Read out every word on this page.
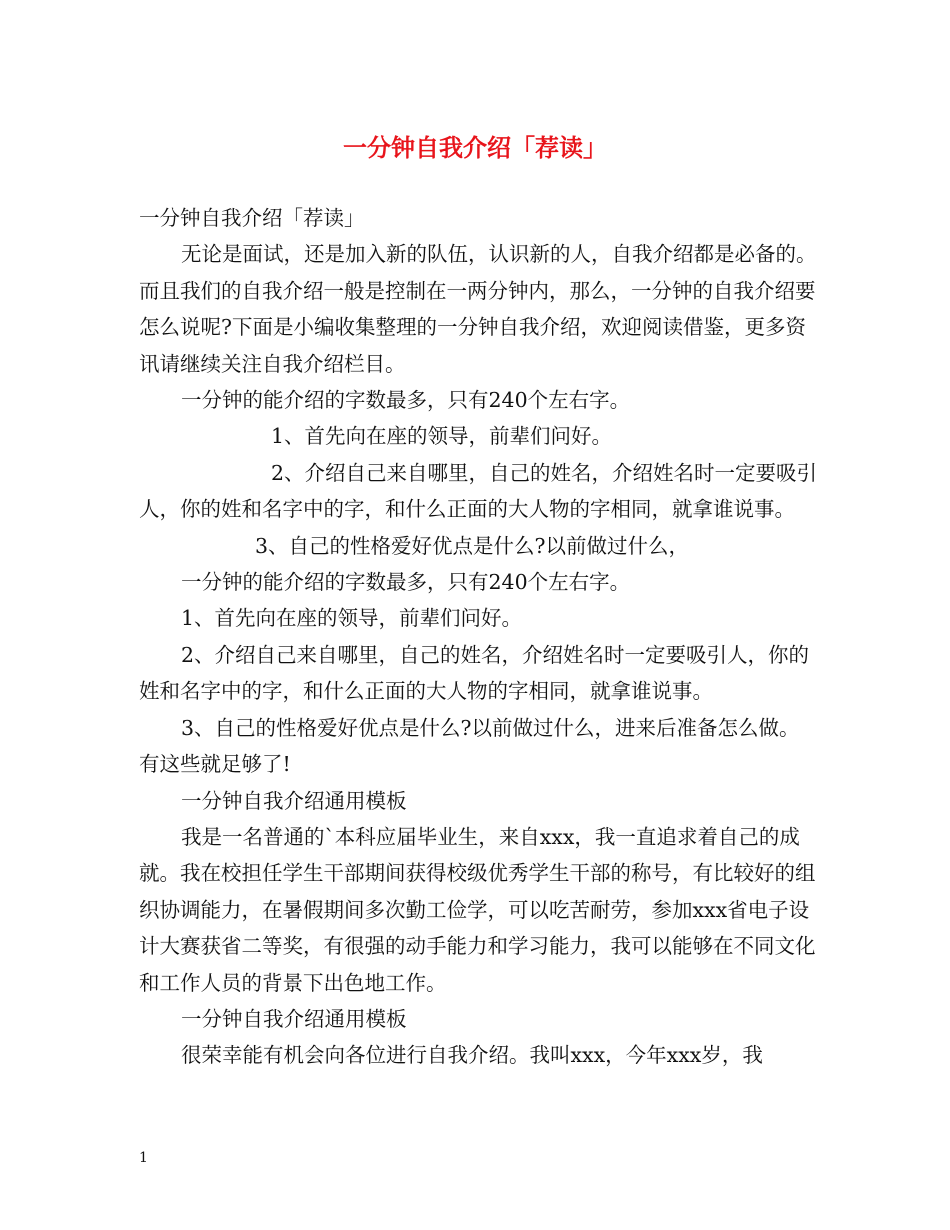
一分钟自我介绍「荐读」

一分钟自我介绍「荐读」

无论是面试，还是加入新的队伍，认识新的人，自我介绍都是必备的。而且我们的自我介绍一般是控制在一两分钟内，那么，一分钟的自我介绍要怎么说呢?下面是小编收集整理的一分钟自我介绍，欢迎阅读借鉴，更多资讯请继续关注自我介绍栏目。

一分钟的能介绍的字数最多，只有240个左右字。

1、首先向在座的领导，前辈们问好。

2、介绍自己来自哪里，自己的姓名，介绍姓名时一定要吸引人，你的姓和名字中的字，和什么正面的大人物的字相同，就拿谁说事。

3、自己的性格爱好优点是什么?以前做过什么，

一分钟的能介绍的字数最多，只有240个左右字。

1、首先向在座的领导，前辈们问好。

2、介绍自己来自哪里，自己的姓名，介绍姓名时一定要吸引人，你的姓和名字中的字，和什么正面的大人物的字相同，就拿谁说事。

3、自己的性格爱好优点是什么?以前做过什么，进来后准备怎么做。有这些就足够了!

一分钟自我介绍通用模板

我是一名普通的`本科应届毕业生，来自xxx，我一直追求着自己的成就。我在校担任学生干部期间获得校级优秀学生干部的称号，有比较好的组织协调能力，在暑假期间多次勤工俭学，可以吃苦耐劳，参加xxx省电子设计大赛获省二等奖，有很强的动手能力和学习能力，我可以能够在不同文化和工作人员的背景下出色地工作。

一分钟自我介绍通用模板

很荣幸能有机会向各位进行自我介绍。我叫xxx，今年xxx岁，我

1
